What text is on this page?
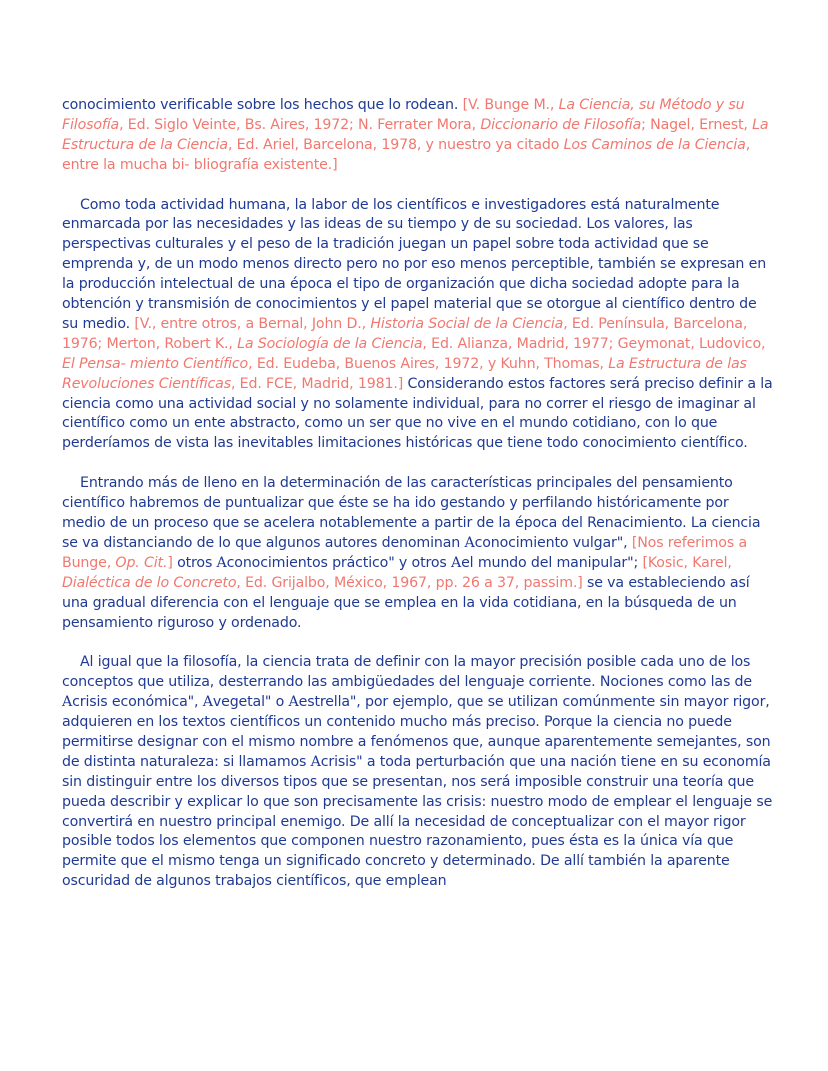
conocimiento verificable sobre los hechos que lo rodean. [V. Bunge M., La Ciencia, su Método y su Filosofía, Ed. Siglo Veinte, Bs. Aires, 1972; N. Ferrater Mora, Diccionario de Filosofía; Nagel, Ernest, La Estructura de la Ciencia, Ed. Ariel, Barcelona, 1978, y nuestro ya citado Los Caminos de la Ciencia, entre la mucha bi- bliografía existente.]

Como toda actividad humana, la labor de los científicos e investigadores está naturalmente enmarcada por las necesidades y las ideas de su tiempo y de su sociedad. Los valores, las perspectivas culturales y el peso de la tradición juegan un papel sobre toda actividad que se emprenda y, de un modo menos directo pero no por eso menos perceptible, también se expresan en la producción intelectual de una época el tipo de organización que dicha sociedad adopte para la obtención y transmisión de conocimientos y el papel material que se otorgue al científico dentro de su medio. [V., entre otros, a Bernal, John D., Historia Social de la Ciencia, Ed. Península, Barcelona, 1976; Merton, Robert K., La Sociología de la Ciencia, Ed. Alianza, Madrid, 1977; Geymonat, Ludovico, El Pensa- miento Científico, Ed. Eudeba, Buenos Aires, 1972, y Kuhn, Thomas, La Estructura de las Revoluciones Científicas, Ed. FCE, Madrid, 1981.] Considerando estos factores será preciso definir a la ciencia como una actividad social y no solamente individual, para no correr el riesgo de imaginar al científico como un ente abstracto, como un ser que no vive en el mundo cotidiano, con lo que perderíamos de vista las inevitables limitaciones históricas que tiene todo conocimiento científico.

Entrando más de lleno en la determinación de las características principales del pensamiento científico habremos de puntualizar que éste se ha ido gestando y perfilando históricamente por medio de un proceso que se acelera notablemente a partir de la época del Renacimiento. La ciencia se va distanciando de lo que algunos autores denominan Aconocimiento vulgar", [Nos referimos a Bunge, Op. Cit.] otros Aconocimientos práctico" y otros Ael mundo del manipular"; [Kosic, Karel, Dialéctica de lo Concreto, Ed. Grijalbo, México, 1967, pp. 26 a 37, passim.] se va estableciendo así una gradual diferencia con el lenguaje que se emplea en la vida cotidiana, en la búsqueda de un pensamiento riguroso y ordenado.

Al igual que la filosofía, la ciencia trata de definir con la mayor precisión posible cada uno de los conceptos que utiliza, desterrando las ambigüedades del lenguaje corriente. Nociones como las de Acrisis económica", Avegetal" o Aestrella", por ejemplo, que se utilizan comúnmente sin mayor rigor, adquieren en los textos científicos un contenido mucho más preciso. Porque la ciencia no puede permitirse designar con el mismo nombre a fenómenos que, aunque aparentemente semejantes, son de distinta naturaleza: si llamamos Acrisis" a toda perturbación que una nación tiene en su economía sin distinguir entre los diversos tipos que se presentan, nos será imposible construir una teoría que pueda describir y explicar lo que son precisamente las crisis: nuestro modo de emplear el lenguaje se convertirá en nuestro principal enemigo. De allí la necesidad de conceptualizar con el mayor rigor posible todos los elementos que componen nuestro razonamiento, pues ésta es la única vía que permite que el mismo tenga un significado concreto y determinado. De allí también la aparente oscuridad de algunos trabajos científicos, que emplean
